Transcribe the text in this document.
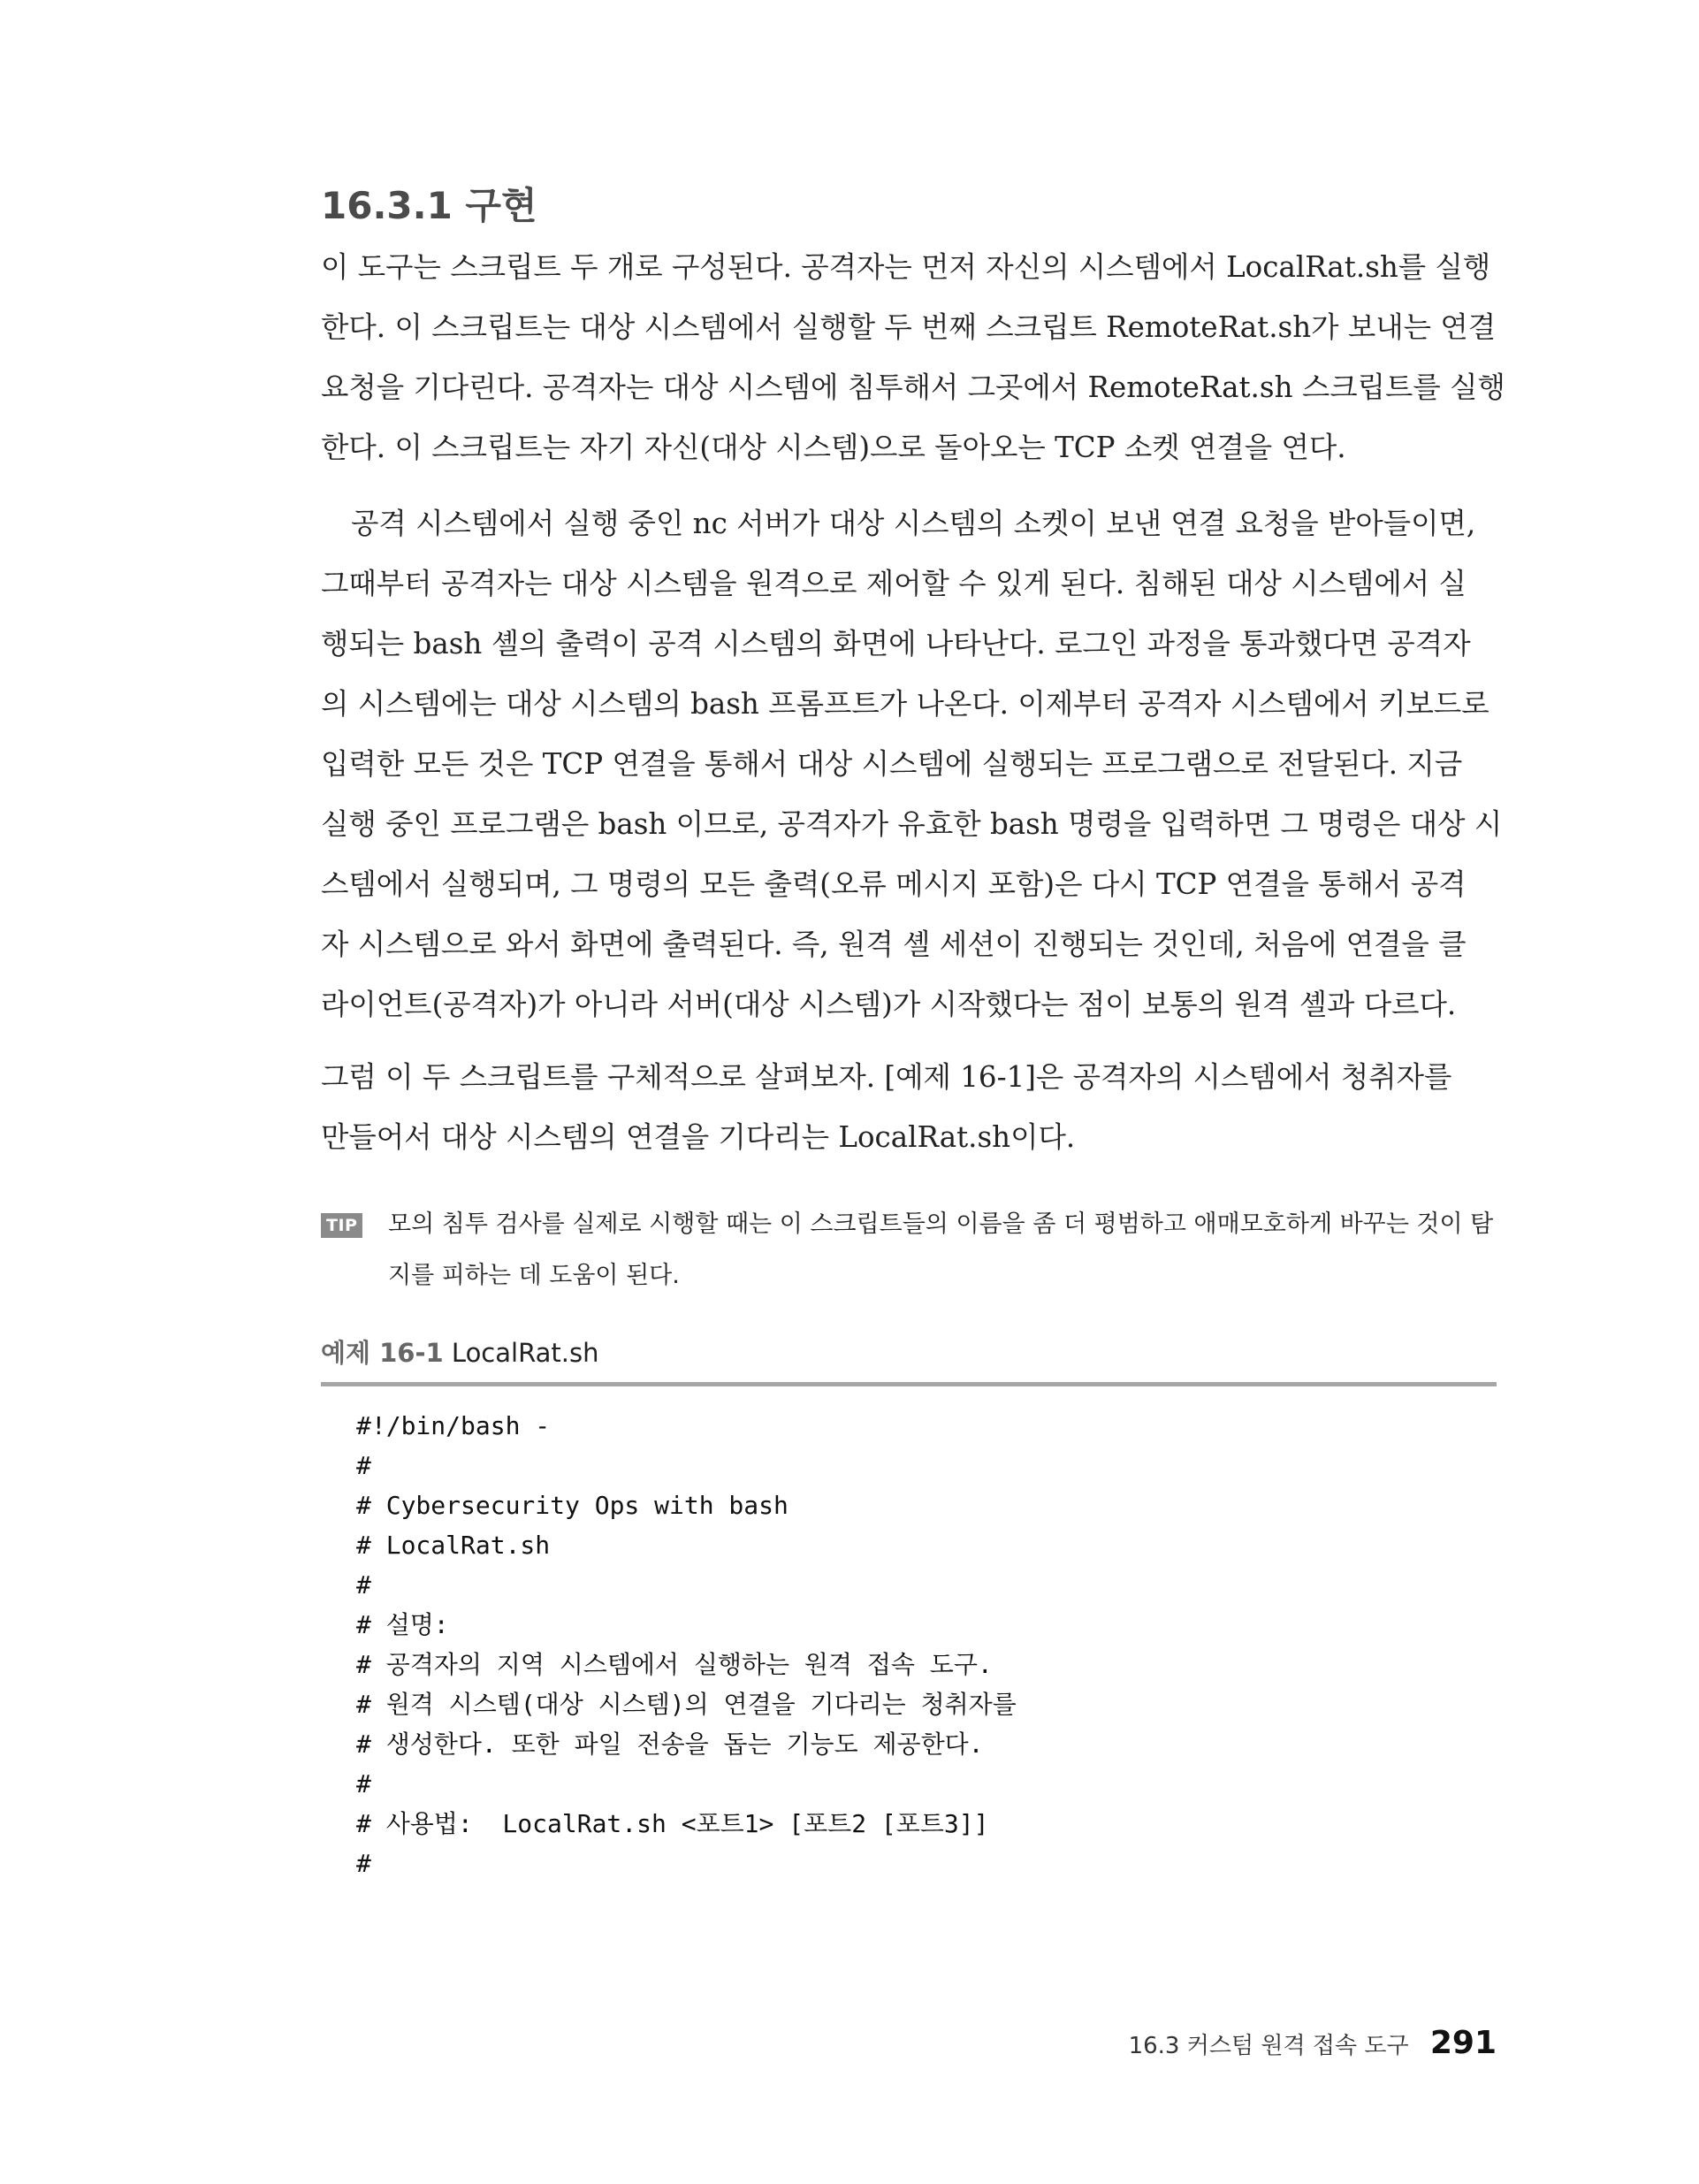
16.3.1 구현
이 도구는 스크립트 두 개로 구성된다. 공격자는 먼저 자신의 시스템에서 LocalRat.sh를 실행
한다. 이 스크립트는 대상 시스템에서 실행할 두 번째 스크립트 RemoteRat.sh가 보내는 연결
요청을 기다린다. 공격자는 대상 시스템에 침투해서 그곳에서 RemoteRat.sh 스크립트를 실행
한다. 이 스크립트는 자기 자신(대상 시스템)으로 돌아오는 TCP 소켓 연결을 연다.
공격 시스템에서 실행 중인 nc 서버가 대상 시스템의 소켓이 보낸 연결 요청을 받아들이면,
그때부터 공격자는 대상 시스템을 원격으로 제어할 수 있게 된다. 침해된 대상 시스템에서 실
행되는 bash 셸의 출력이 공격 시스템의 화면에 나타난다. 로그인 과정을 통과했다면 공격자
의 시스템에는 대상 시스템의 bash 프롬프트가 나온다. 이제부터 공격자 시스템에서 키보드로
입력한 모든 것은 TCP 연결을 통해서 대상 시스템에 실행되는 프로그램으로 전달된다. 지금
실행 중인 프로그램은 bash 이므로, 공격자가 유효한 bash 명령을 입력하면 그 명령은 대상 시
스템에서 실행되며, 그 명령의 모든 출력(오류 메시지 포함)은 다시 TCP 연결을 통해서 공격
자 시스템으로 와서 화면에 출력된다. 즉, 원격 셸 세션이 진행되는 것인데, 처음에 연결을 클
라이언트(공격자)가 아니라 서버(대상 시스템)가 시작했다는 점이 보통의 원격 셸과 다르다.
그럼 이 두 스크립트를 구체적으로 살펴보자. [예제 16-1]은 공격자의 시스템에서 청취자를
만들어서 대상 시스템의 연결을 기다리는 LocalRat.sh이다.
TIP 모의 침투 검사를 실제로 시행할 때는 이 스크립트들의 이름을 좀 더 평범하고 애매모호하게 바꾸는 것이 탐
지를 피하는 데 도움이 된다.
예제 16-1 LocalRat.sh
#!/bin/bash -
#
# Cybersecurity Ops with bash
# LocalRat.sh
#
# 설명:
# 공격자의 지역 시스템에서 실행하는 원격 접속 도구.
# 원격 시스템(대상 시스템)의 연결을 기다리는 청취자를
# 생성한다. 또한 파일 전송을 돕는 기능도 제공한다.
#
# 사용법:  LocalRat.sh <포트1> [포트2 [포트3]]
#
16.3 커스텀 원격 접속 도구 291
